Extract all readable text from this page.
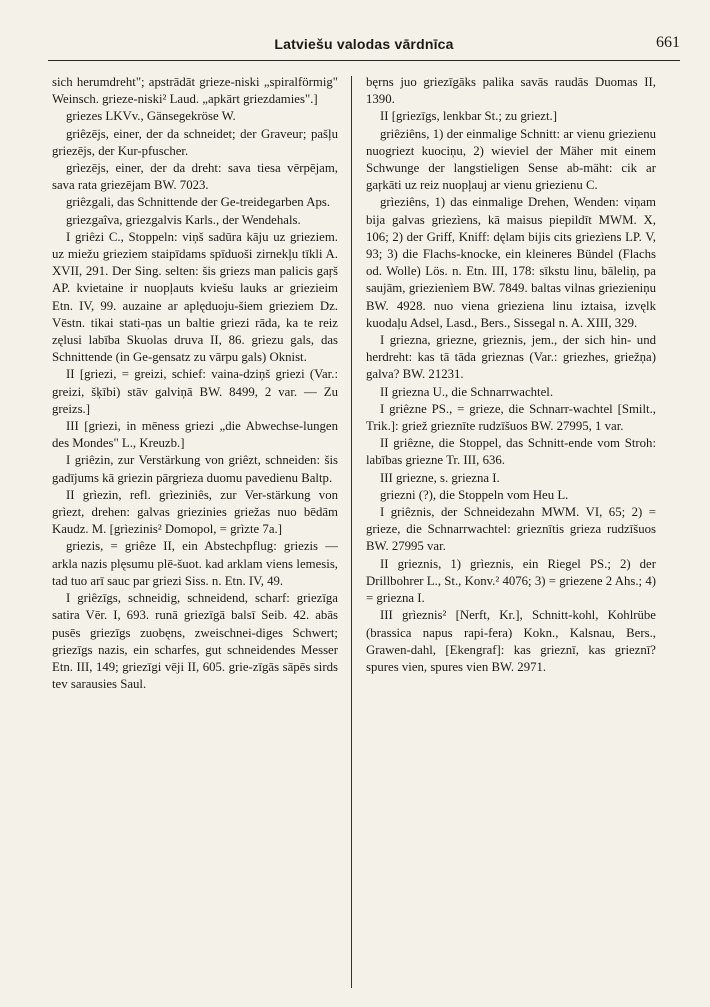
Latviešu valodas vārdnīca	661

sich herumdreht"; apstrādāt grieze-niski „spiralförmig" Weinsch. grieze-niski² Laud. „apkārt griezdamies".]

griezes LKVv., Gänsegekröse W.

griêzējs, einer, der da schneidet; der Graveur; pašļu griezējs, der Kur-pfuscher.

grìezējs, einer, der da dreht: sava tiesa vērpējam, sava rata griezējam BW. 7023.

griêzgali, das Schnittende der Ge-treidegarben Aps.

griezgaîva, griezgalvis Karls., der Wendehals.

I griêzi C., Stoppeln: viņš sadūra kāju uz grieziem. uz miežu grieziem staipīdams spīduoši zirnekļu tīkli A. XVII, 291. Der Sing. selten: šis griezs man palicis gaŗš AP. kvietaine ir nuopļauts kviešu lauks ar griezieim Etn. IV, 99. auzaine ar aplęduoju-šiem grieziem Dz. Vēstn. tikai stati-ņas un baltie griezi rāda, ka te reiz zęlusi labība Skuolas druva II, 86. griezu gals, das Schnittende (in Ge-gensatz zu vārpu gals) Oknist.

II [griezi, = greizi, schief: vaina-dziņš griezi (Var.: greizi, šķībi) stāv galviņā BW. 8499, 2 var. — Zu greizs.]

III [griezi, in mēness griezi „die Abwechse-lungen des Mondes" L., Kreuzb.]

I griêzin, zur Verstärkung von griêzt, schneiden: šis gadījums kā griezin pārgrieza duomu pavedienu Baltp.

II grìezin, refl. grìeziniês, zur Ver-stärkung von grìezt, drehen: galvas griezinies griežas nuo bēdām Kaudz. M. [grìezinis² Domopol, = grìzte 7a.]

griezis, = griêze II, ein Abstechpflug: griezis — arkla nazis plęsumu plē-šuot. kad arklam viens lemesis, tad tuo arī sauc par griezi Siss. n. Etn. IV, 49.

I griêzīgs, schneidig, schneidend, scharf: griezīga satira Vēr. I, 693. runā griezīgā balsī Seib. 42. abās pusēs griezīgs zuobęns, zweischnei-diges Schwert; griezīgs nazis, ein scharfes, gut schneidendes Messer Etn. III, 149; griezīgi vēji II, 605. grie-zīgās sāpēs sirds tev sarausies Saul.

bęrns juo griezīgāks palika savās raudās Duomas II, 1390.

II [griezīgs, lenkbar St.; zu griezt.]

griêziêns, 1) der einmalige Schnitt: ar vienu griezienu nuogriezt kuociņu, 2) wieviel der Mäher mit einem Schwunge der langstieligen Sense ab-mäht: cik ar gaŗkāti uz reiz nuopļauj ar vienu griezienu C.

grìeziêns, 1) das einmalige Drehen, Wenden: viņam bija galvas griezìens, kā maisus piepildīt MWM. X, 106; 2) der Griff, Kniff: dęlam bijis cits griezìens LP. V, 93; 3) die Flachs-knocke, ein kleineres Bündel (Flachs od. Wolle) Lös. n. Etn. III, 178: sīkstu linu, bāleliņ, pa saujām, griezienìem BW. 7849. baltas vilnas griezieniņu BW. 4928. nuo viena grieziena linu iztaisa, izvęlk kuodaļu Adsel, Lasd., Bers., Sissegal n. A. XIII, 329.

I griezna, griezne, grieznis, jem., der sich hin- und herdreht: kas tā tāda grieznas (Var.: griezhes, griežņa) galva? BW. 21231.

II griezna U., die Schnarrwachtel.

I griêzne PS., = grieze, die Schnarr-wachtel [Smilt., Trik.]: griež grieznīte rudzīšuos BW. 27995, 1 var.

II griêzne, die Stoppel, das Schnitt-ende vom Stroh: labības griezne Tr. III, 636.

III griezne, s. griezna I.

griezni (?), die Stoppeln vom Heu L.

I griêznis, der Schneidezahn MWM. VI, 65; 2) = grieze, die Schnarrwachtel: grieznītis grieza rudzīšuos BW. 27995 var.

II grieznis, 1) grìeznis, ein Riegel PS.; 2) der Drillbohrer L., St., Konv.² 4076; 3) = griezene 2 Ahs.; 4) = griezna I.

III grìeznis² [Nerft, Kr.], Schnitt-kohl, Kohlrübe (brassica napus rapi-fera) Kokn., Kalsnau, Bers., Grawen-dahl, [Ekengraf]: kas grieznī, kas grieznī? spures vien, spures vien BW. 2971.
